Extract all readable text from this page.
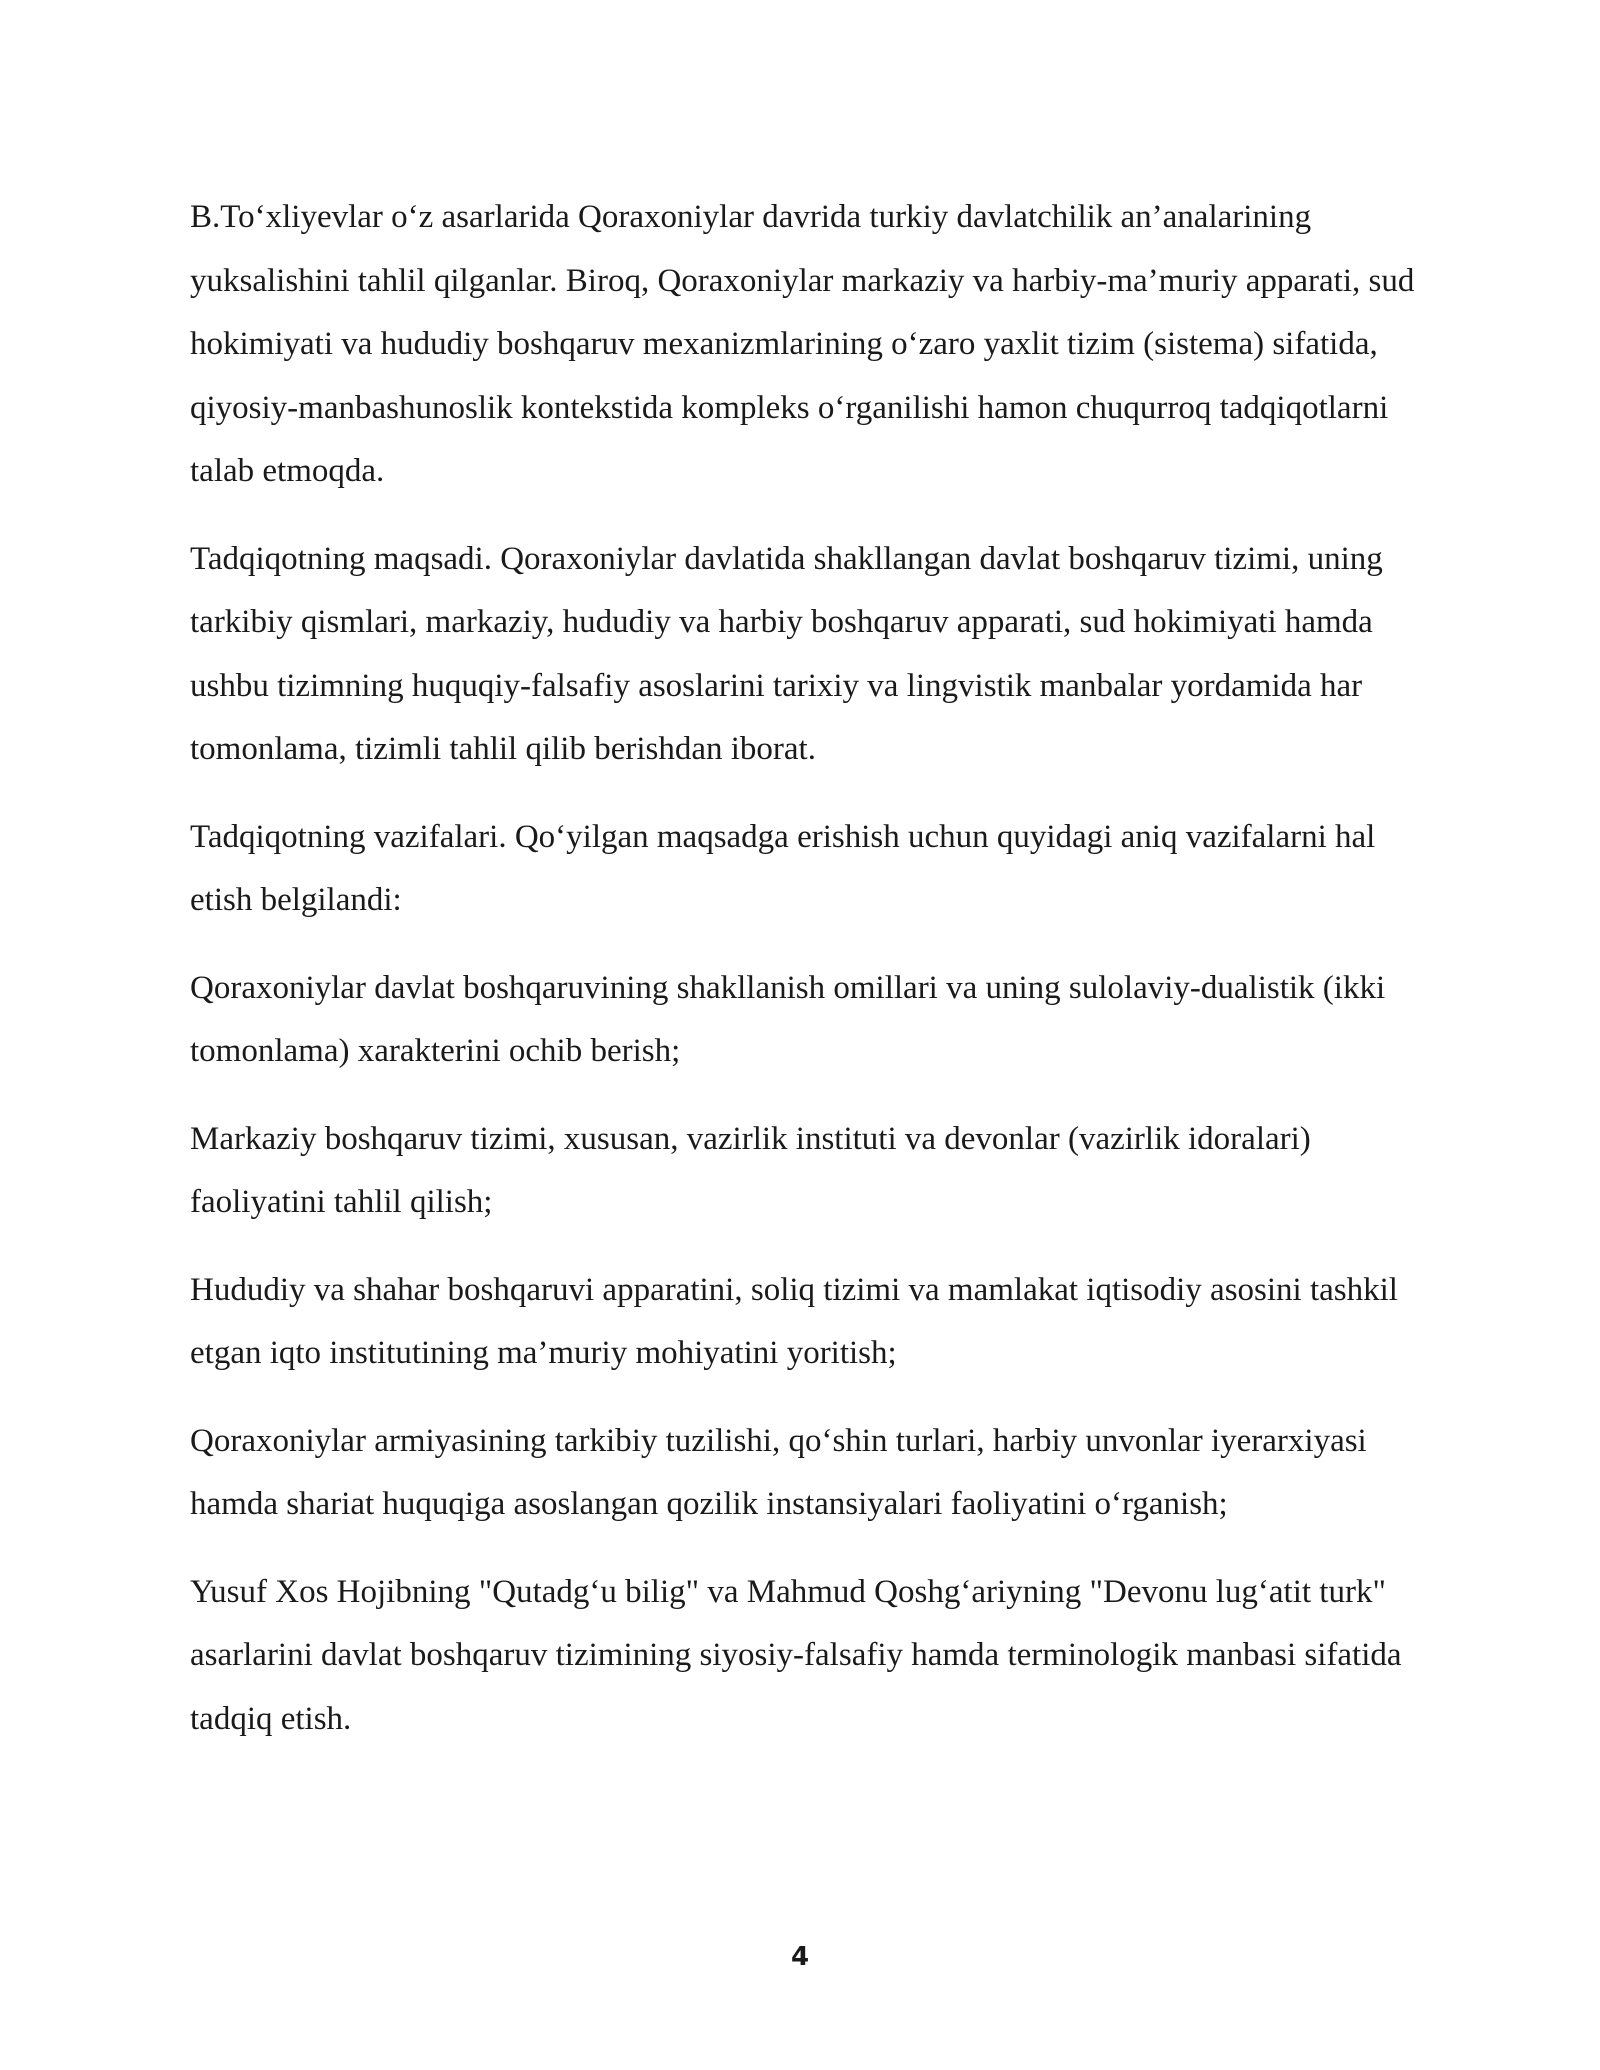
B.To‘xliyevlar o‘z asarlarida Qoraxoniylar davrida turkiy davlatchilik an’analarining yuksalishini tahlil qilganlar. Biroq, Qoraxoniylar markaziy va harbiy-ma’muriy apparati, sud hokimiyati va hududiy boshqaruv mexanizmlarining o‘zaro yaxlit tizim (sistema) sifatida, qiyosiy-manbashunoslik kontekstida kompleks o‘rganilishi hamon chuqurroq tadqiqotlarni talab etmoqda.

Tadqiqotning maqsadi. Qoraxoniylar davlatida shakllangan davlat boshqaruv tizimi, uning tarkibiy qismlari, markaziy, hududiy va harbiy boshqaruv apparati, sud hokimiyati hamda ushbu tizimning huquqiy-falsafiy asoslarini tarixiy va lingvistik manbalar yordamida har tomonlama, tizimli tahlil qilib berishdan iborat.

Tadqiqotning vazifalari. Qo‘yilgan maqsadga erishish uchun quyidagi aniq vazifalarni hal etish belgilandi:

Qoraxoniylar davlat boshqaruvining shakllanish omillari va uning sulolaviy-dualistik (ikki tomonlama) xarakterini ochib berish;

Markaziy boshqaruv tizimi, xususan, vazirlik instituti va devonlar (vazirlik idoralari) faoliyatini tahlil qilish;

Hududiy va shahar boshqaruvi apparatini, soliq tizimi va mamlakat iqtisodiy asosini tashkil etgan iqto institutining ma’muriy mohiyatini yoritish;

Qoraxoniylar armiyasining tarkibiy tuzilishi, qo‘shin turlari, harbiy unvonlar iyerarxiyasi hamda shariat huquqiga asoslangan qozilik instansiyalari faoliyatini o‘rganish;

Yusuf Xos Hojibning "Qutadg‘u bilig" va Mahmud Qoshg‘ariyning "Devonu lug‘atit turk" asarlarini davlat boshqaruv tizimining siyosiy-falsafiy hamda terminologik manbasi sifatida tadqiq etish.

4
